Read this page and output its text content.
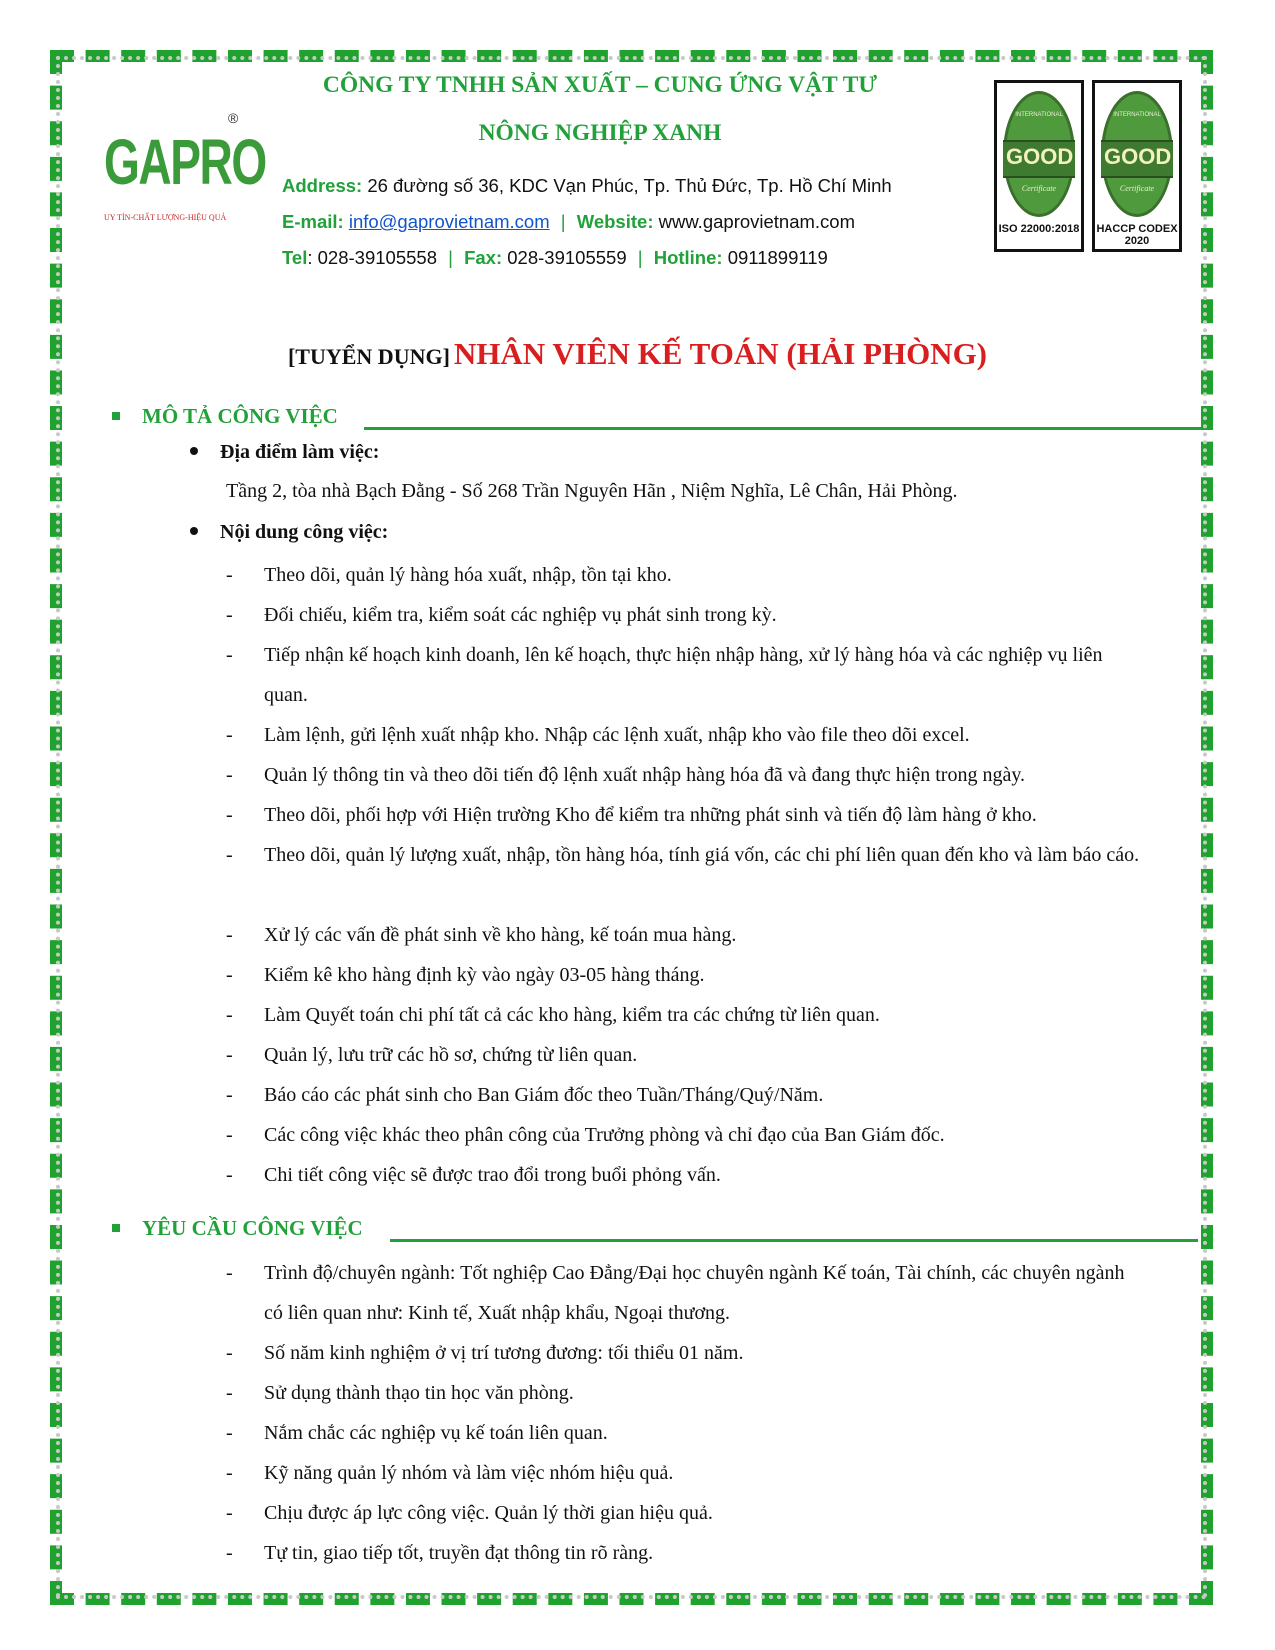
GAPRO
®
UY TÍN-CHẤT LƯỢNG-HIỆU QUẢ
CÔNG TY TNHH SẢN XUẤT – CUNG ỨNG VẬT TƯ
NÔNG NGHIỆP XANH
Address: 26 đường số 36, KDC Vạn Phúc, Tp. Thủ Đức, Tp. Hồ Chí Minh
E-mail: info@gaprovietnam.com | Website: www.gaprovietnam.com
Tel: 028-39105558 | Fax: 028-39105559 | Hotline: 0911899119
INTERNATIONAL
GOOD
Certificate
ISO 22000:2018
INTERNATIONAL
GOOD
Certificate
HACCP CODEX 2020
[TUYỂN DỤNG] NHÂN VIÊN KẾ TOÁN (HẢI PHÒNG)
MÔ TẢ CÔNG VIỆC
Địa điểm làm việc:
Tầng 2, tòa nhà Bạch Đằng - Số 268 Trần Nguyên Hãn , Niệm Nghĩa, Lê Chân, Hải Phòng.
Nội dung công việc:
- Theo dõi, quản lý hàng hóa xuất, nhập, tồn tại kho.
- Đối chiếu, kiểm tra, kiểm soát các nghiệp vụ phát sinh trong kỳ.
- Tiếp nhận kế hoạch kinh doanh, lên kế hoạch, thực hiện nhập hàng, xử lý hàng hóa và các nghiệp vụ liên quan.
- Làm lệnh, gửi lệnh xuất nhập kho. Nhập các lệnh xuất, nhập kho vào file theo dõi excel.
- Quản lý thông tin và theo dõi tiến độ lệnh xuất nhập hàng hóa đã và đang thực hiện trong ngày.
- Theo dõi, phối hợp với Hiện trường Kho để kiểm tra những phát sinh và tiến độ làm hàng ở kho.
- Theo dõi, quản lý lượng xuất, nhập, tồn hàng hóa, tính giá vốn, các chi phí liên quan đến kho và làm báo cáo.
- Xử lý các vấn đề phát sinh về kho hàng, kế toán mua hàng.
- Kiểm kê kho hàng định kỳ vào ngày 03-05 hàng tháng.
- Làm Quyết toán chi phí tất cả các kho hàng, kiểm tra các chứng từ liên quan.
- Quản lý, lưu trữ các hồ sơ, chứng từ liên quan.
- Báo cáo các phát sinh cho Ban Giám đốc theo Tuần/Tháng/Quý/Năm.
- Các công việc khác theo phân công của Trưởng phòng và chỉ đạo của Ban Giám đốc.
- Chi tiết công việc sẽ được trao đổi trong buổi phỏng vấn.
YÊU CẦU CÔNG VIỆC
- Trình độ/chuyên ngành: Tốt nghiệp Cao Đẳng/Đại học chuyên ngành Kế toán, Tài chính, các chuyên ngành có liên quan như: Kinh tế, Xuất nhập khẩu, Ngoại thương.
- Số năm kinh nghiệm ở vị trí tương đương: tối thiểu 01 năm.
- Sử dụng thành thạo tin học văn phòng.
- Nắm chắc các nghiệp vụ kế toán liên quan.
- Kỹ năng quản lý nhóm và làm việc nhóm hiệu quả.
- Chịu được áp lực công việc. Quản lý thời gian hiệu quả.
- Tự tin, giao tiếp tốt, truyền đạt thông tin rõ ràng.
